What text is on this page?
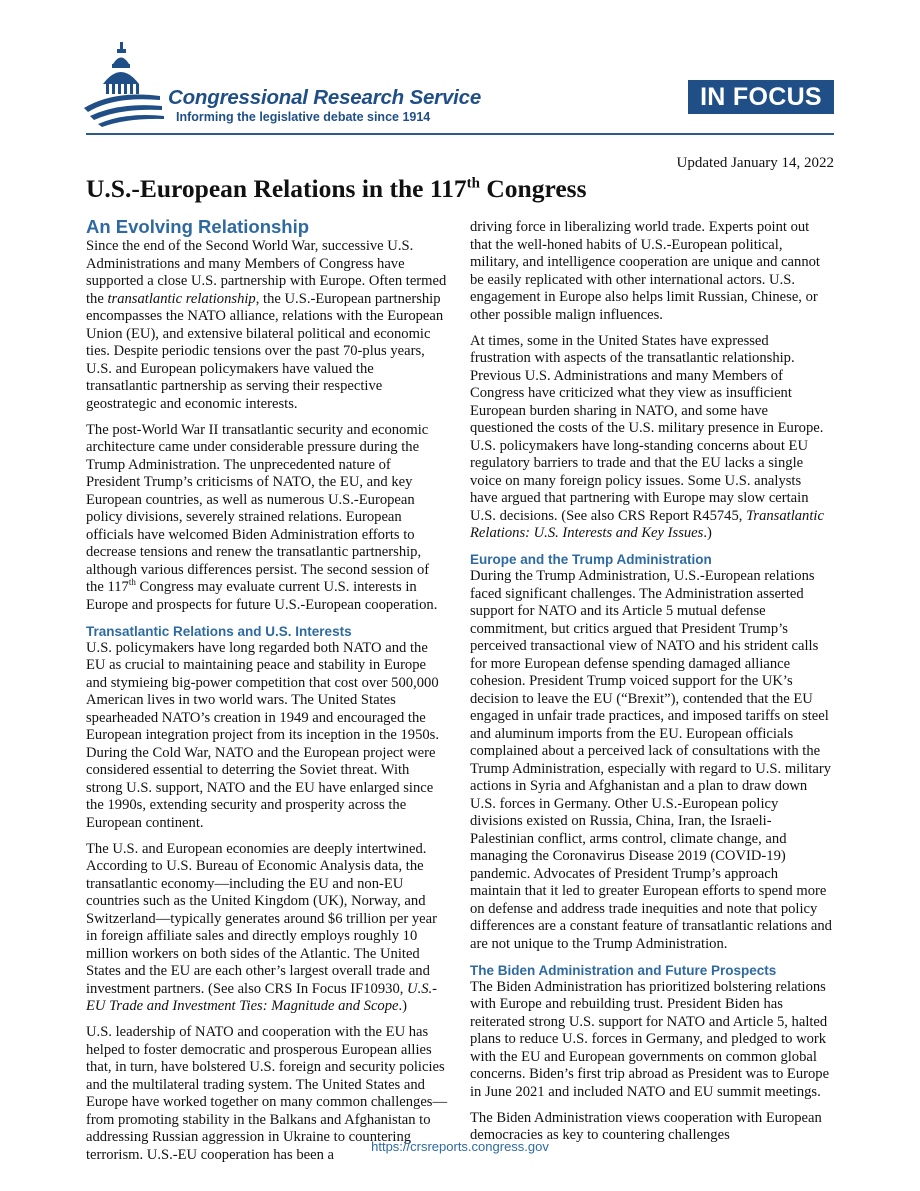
Congressional Research Service
Informing the legislative debate since 1914
IN FOCUS
Updated January 14, 2022
U.S.-European Relations in the 117th Congress
An Evolving Relationship

Since the end of the Second World War, successive U.S. Administrations and many Members of Congress have supported a close U.S. partnership with Europe. Often termed the transatlantic relationship, the U.S.-European partnership encompasses the NATO alliance, relations with the European Union (EU), and extensive bilateral political and economic ties. Despite periodic tensions over the past 70-plus years, U.S. and European policymakers have valued the transatlantic partnership as serving their respective geostrategic and economic interests.

The post-World War II transatlantic security and economic architecture came under considerable pressure during the Trump Administration. The unprecedented nature of President Trump’s criticisms of NATO, the EU, and key European countries, as well as numerous U.S.-European policy divisions, severely strained relations. European officials have welcomed Biden Administration efforts to decrease tensions and renew the transatlantic partnership, although various differences persist. The second session of the 117th Congress may evaluate current U.S. interests in Europe and prospects for future U.S.-European cooperation.

Transatlantic Relations and U.S. Interests

U.S. policymakers have long regarded both NATO and the EU as crucial to maintaining peace and stability in Europe and stymieing big-power competition that cost over 500,000 American lives in two world wars. The United States spearheaded NATO’s creation in 1949 and encouraged the European integration project from its inception in the 1950s. During the Cold War, NATO and the European project were considered essential to deterring the Soviet threat. With strong U.S. support, NATO and the EU have enlarged since the 1990s, extending security and prosperity across the European continent.

The U.S. and European economies are deeply intertwined. According to U.S. Bureau of Economic Analysis data, the transatlantic economy—including the EU and non-EU countries such as the United Kingdom (UK), Norway, and Switzerland—typically generates around $6 trillion per year in foreign affiliate sales and directly employs roughly 10 million workers on both sides of the Atlantic. The United States and the EU are each other’s largest overall trade and investment partners. (See also CRS In Focus IF10930, U.S.-EU Trade and Investment Ties: Magnitude and Scope.)

U.S. leadership of NATO and cooperation with the EU has helped to foster democratic and prosperous European allies that, in turn, have bolstered U.S. foreign and security policies and the multilateral trading system. The United States and Europe have worked together on many common challenges—from promoting stability in the Balkans and Afghanistan to addressing Russian aggression in Ukraine to countering terrorism. U.S.-EU cooperation has been a

driving force in liberalizing world trade. Experts point out that the well-honed habits of U.S.-European political, military, and intelligence cooperation are unique and cannot be easily replicated with other international actors. U.S. engagement in Europe also helps limit Russian, Chinese, or other possible malign influences.

At times, some in the United States have expressed frustration with aspects of the transatlantic relationship. Previous U.S. Administrations and many Members of Congress have criticized what they view as insufficient European burden sharing in NATO, and some have questioned the costs of the U.S. military presence in Europe. U.S. policymakers have long-standing concerns about EU regulatory barriers to trade and that the EU lacks a single voice on many foreign policy issues. Some U.S. analysts have argued that partnering with Europe may slow certain U.S. decisions. (See also CRS Report R45745, Transatlantic Relations: U.S. Interests and Key Issues.)

Europe and the Trump Administration

During the Trump Administration, U.S.-European relations faced significant challenges. The Administration asserted support for NATO and its Article 5 mutual defense commitment, but critics argued that President Trump’s perceived transactional view of NATO and his strident calls for more European defense spending damaged alliance cohesion. President Trump voiced support for the UK’s decision to leave the EU (“Brexit”), contended that the EU engaged in unfair trade practices, and imposed tariffs on steel and aluminum imports from the EU. European officials complained about a perceived lack of consultations with the Trump Administration, especially with regard to U.S. military actions in Syria and Afghanistan and a plan to draw down U.S. forces in Germany. Other U.S.-European policy divisions existed on Russia, China, Iran, the Israeli-Palestinian conflict, arms control, climate change, and managing the Coronavirus Disease 2019 (COVID-19) pandemic. Advocates of President Trump’s approach maintain that it led to greater European efforts to spend more on defense and address trade inequities and note that policy differences are a constant feature of transatlantic relations and are not unique to the Trump Administration.

The Biden Administration and Future Prospects

The Biden Administration has prioritized bolstering relations with Europe and rebuilding trust. President Biden has reiterated strong U.S. support for NATO and Article 5, halted plans to reduce U.S. forces in Germany, and pledged to work with the EU and European governments on common global concerns. Biden’s first trip abroad as President was to Europe in June 2021 and included NATO and EU summit meetings.

The Biden Administration views cooperation with European democracies as key to countering challenges

https://crsreports.congress.gov
